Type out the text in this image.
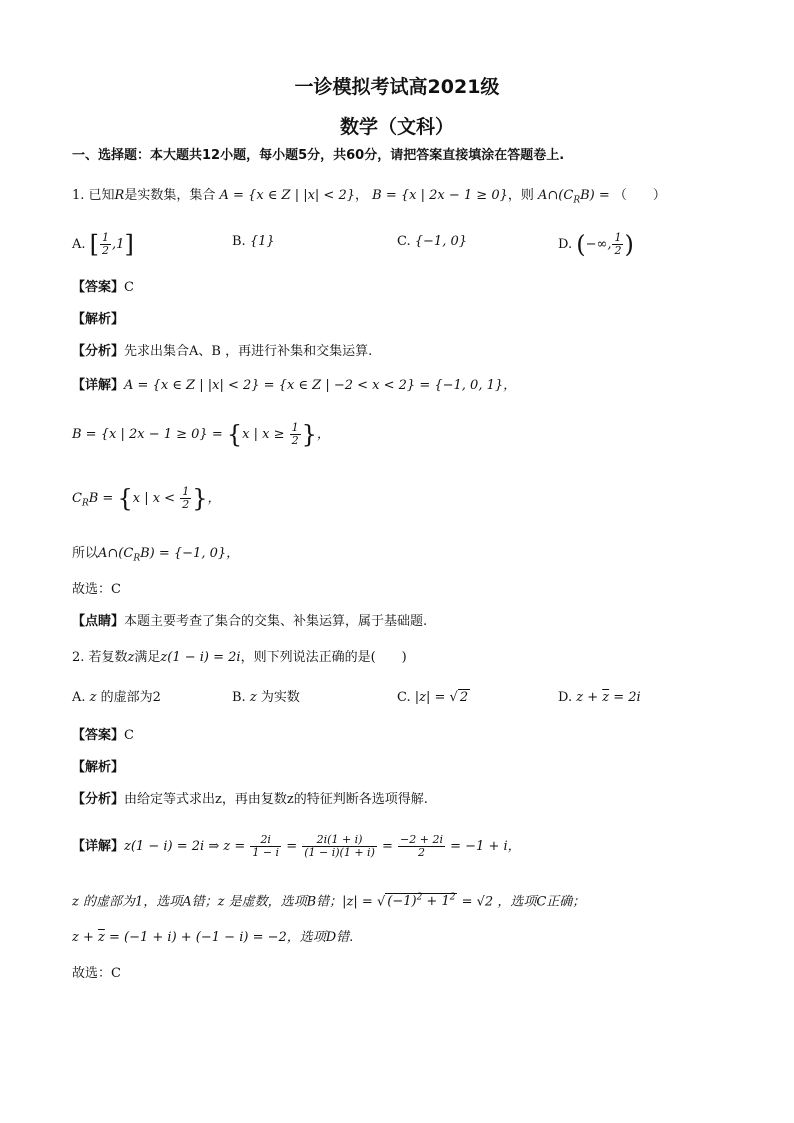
一诊模拟考试高2021级
数学（文科）
一、选择题：本大题共12小题，每小题5分，共60分，请把答案直接填涂在答题卷上.
1. 已知R是实数集，集合 A = {x ∈ Z | |x| < 2}， B = {x | 2x − 1 ≥ 0}，则 $A\cap(C_RB)$ = （　　）
A. [ $\frac{1}{2} ,1$]	B. {1}	C. {−1, 0}	D. (−∞, $\frac{1}{2}$ )
【答案】C
【解析】
【分析】先求出集合A、B ，再进行补集和交集运算.
【详解】A = {x ∈ Z | |x| < 2} = {x ∈ Z | −2 < x < 2} = {−1, 0, 1}，
B = {x | 2x − 1 ≥ 0} = {x | $x \ge \frac{1}{2}$ }，
$C_RB = \{x$ | $x < \frac{1}{2}$ }，
所以$A\cap(C_RB) = \{-1$, 0}，
故选：C
【点睛】本题主要考查了集合的交集、补集运算，属于基础题.
2. 若复数z满足z(1 − i) = 2i，则下列说法正确的是(　　)
A. z 的虚部为2	B. z 为实数	C. |z| = √ 2	D. $z + \overline{z} = 2i$
【答案】C
【解析】
【分析】由给定等式求出z，再由复数z的特征判断各选项得解.
【详解】z(1 − i) = 2i ⇒ $z = \frac{2i}{1 - i} = \frac{2i(1 + i)}{(1 - i)(1 + i)} = \frac{-2 + 2i}{2} = -1 + i$，
z 的虚部为1，选项A错；z 是虚数，选项B错；|z| = √ $(-1)^2 + 1^2 = √2$ ，选项C正确；
$z + \overline{z} = (-1 + i) + (-1 - i) = -2$，选项D错.
故选：C
